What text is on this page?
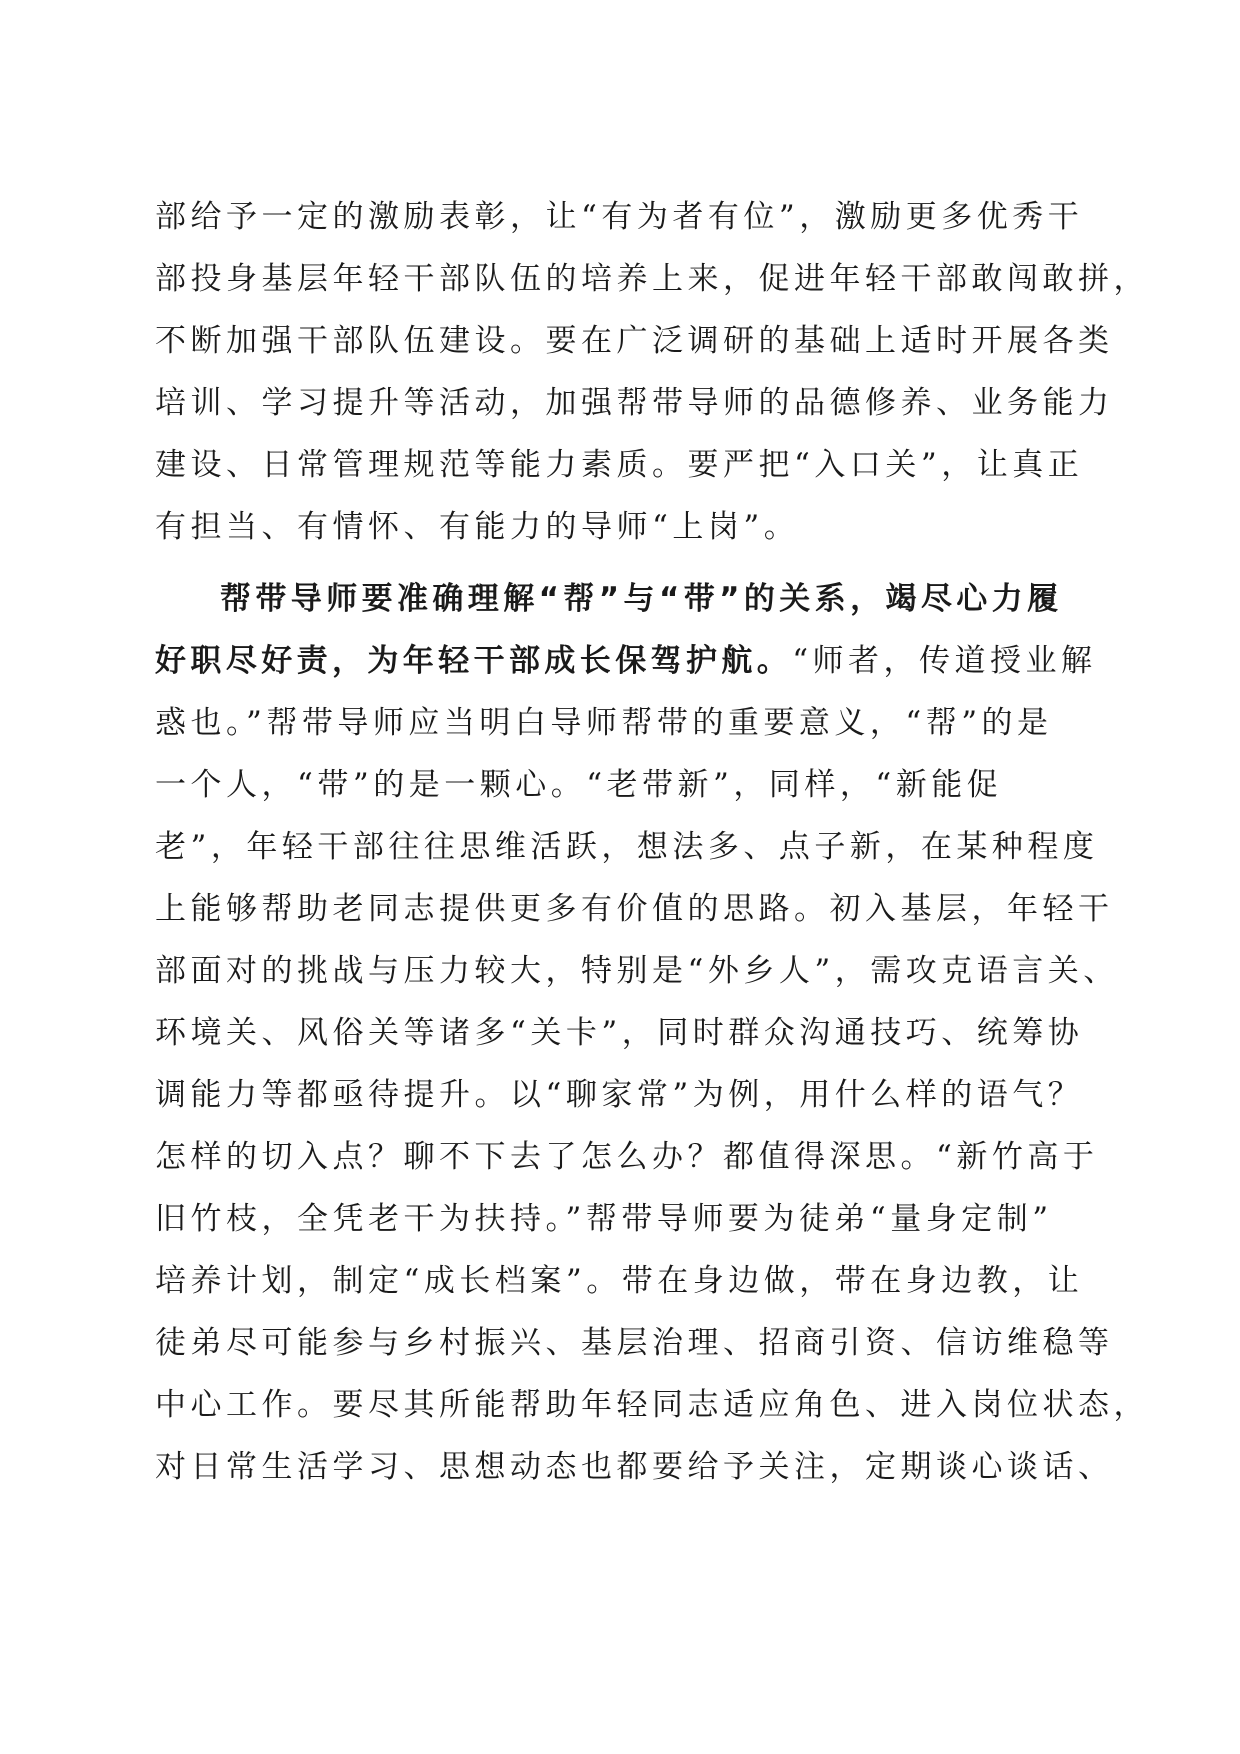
部给予一定的激励表彰，让“有为者有位”，激励更多优秀干
部投身基层年轻干部队伍的培养上来，促进年轻干部敢闯敢拼，
不断加强干部队伍建设。要在广泛调研的基础上适时开展各类
培训、学习提升等活动，加强帮带导师的品德修养、业务能力
建设、日常管理规范等能力素质。要严把“入口关”，让真正
有担当、有情怀、有能力的导师“上岗”。
帮带导师要准确理解“帮”与“带”的关系，竭尽心力履
好职尽好责，为年轻干部成长保驾护航。“师者，传道授业解
惑也。”帮带导师应当明白导师帮带的重要意义，“帮”的是
一个人，“带”的是一颗心。“老带新”，同样，“新能促
老”，年轻干部往往思维活跃，想法多、点子新，在某种程度
上能够帮助老同志提供更多有价值的思路。初入基层，年轻干
部面对的挑战与压力较大，特别是“外乡人”，需攻克语言关、
环境关、风俗关等诸多“关卡”，同时群众沟通技巧、统筹协
调能力等都亟待提升。以“聊家常”为例，用什么样的语气？
怎样的切入点？聊不下去了怎么办？都值得深思。“新竹高于
旧竹枝，全凭老干为扶持。”帮带导师要为徒弟“量身定制”
培养计划，制定“成长档案”。带在身边做，带在身边教，让
徒弟尽可能参与乡村振兴、基层治理、招商引资、信访维稳等
中心工作。要尽其所能帮助年轻同志适应角色、进入岗位状态，
对日常生活学习、思想动态也都要给予关注，定期谈心谈话、
